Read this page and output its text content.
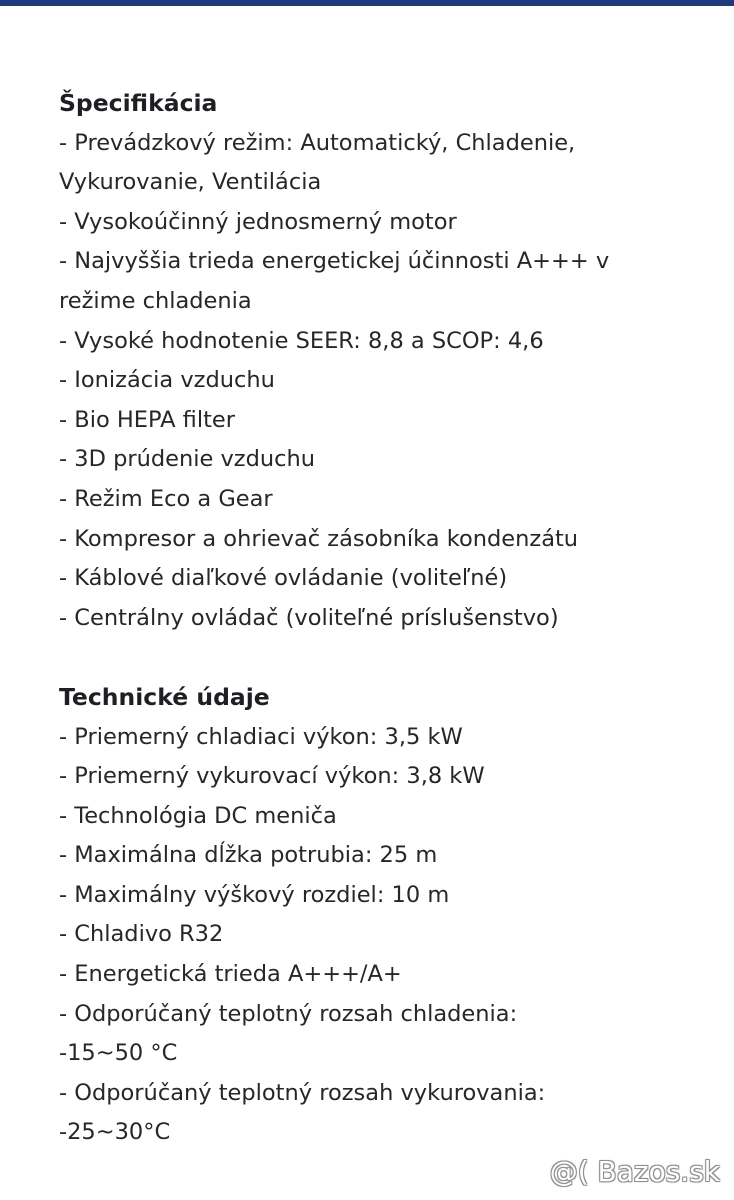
Špecifikácia
- Prevádzkový režim: Automatický, Chladenie,
Vykurovanie, Ventilácia
- Vysokoúčinný jednosmerný motor
- Najvyššia trieda energetickej účinnosti A+++ v
režime chladenia
- Vysoké hodnotenie SEER: 8,8 a SCOP: 4,6
- Ionizácia vzduchu
- Bio HEPA filter
- 3D prúdenie vzduchu
- Režim Eco a Gear
- Kompresor a ohrievač zásobníka kondenzátu
- Káblové diaľkové ovládanie (voliteľné)
- Centrálny ovládač (voliteľné príslušenstvo)
Technické údaje
- Priemerný chladiaci výkon: 3,5 kW
- Priemerný vykurovací výkon: 3,8 kW
- Technológia DC meniča
- Maximálna dĺžka potrubia: 25 m
- Maximálny výškový rozdiel: 10 m
- Chladivo R32
- Energetická trieda A+++/A+
- Odporúčaný teplotný rozsah chladenia:
-15~50 °C
- Odporúčaný teplotný rozsah vykurovania:
-25~30°C
@( Bazos.sk
